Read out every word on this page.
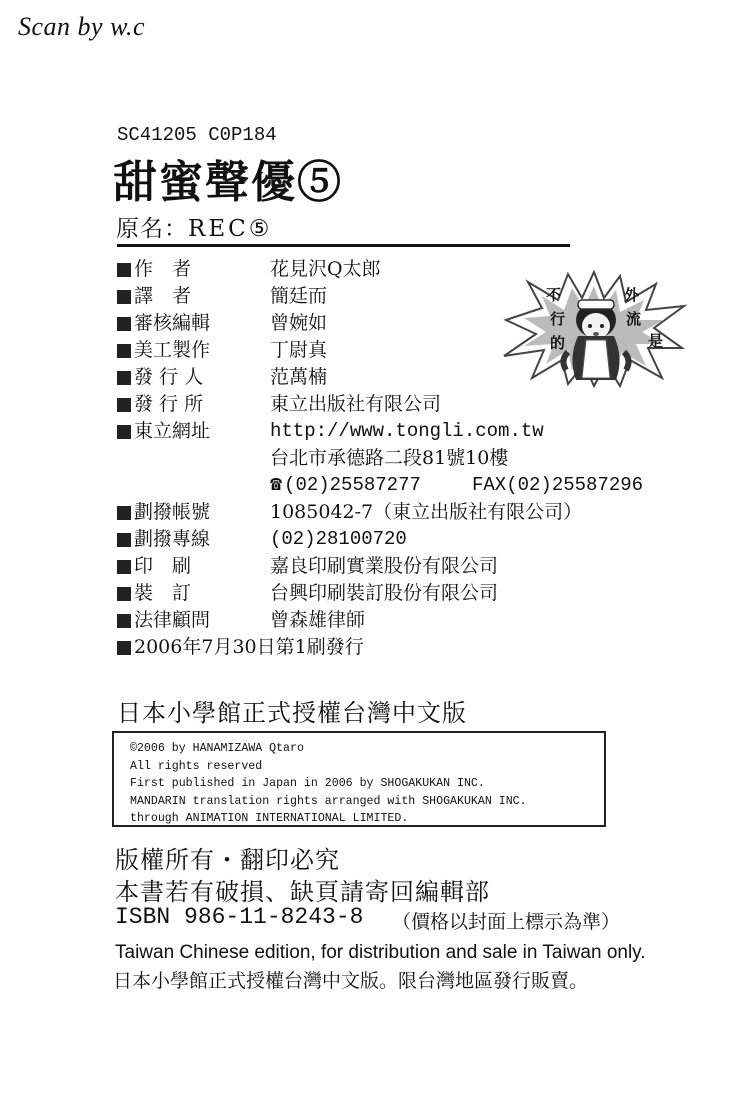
Scan by w.c
SC41205 C0P184
甜蜜聲優⑤
原名：REC⑤
作　者	花見沢Q太郎
譯　者	簡廷而
審核編輯	曾婉如
美工製作	丁尉真
發 行 人	范萬楠
發 行 所	東立出版社有限公司
東立網址	http://www.tongli.com.tw
台北市承德路二段81號10樓
☎ (02)25587277	FAX(02)25587296
劃撥帳號	1085042-7（東立出版社有限公司）
劃撥專線	(02)28100720
印　刷	嘉良印刷實業股份有限公司
裝　訂	台興印刷裝訂股份有限公司
法律顧問	曾森雄律師
2006年7月30日第1刷發行
不
行
的
外
流
是
日本小學館正式授權台灣中文版
©2006 by HANAMIZAWA Qtaro
All rights reserved
First published in Japan in 2006 by SHOGAKUKAN INC.
MANDARIN translation rights arranged with SHOGAKUKAN INC.
through ANIMATION INTERNATIONAL LIMITED.
版權所有・翻印必究
本書若有破損、缺頁請寄回編輯部
ISBN 986-11-8243-8 （價格以封面上標示為準）
Taiwan Chinese edition, for distribution and sale in Taiwan only.
日本小學館正式授權台灣中文版。限台灣地區發行販賣。
